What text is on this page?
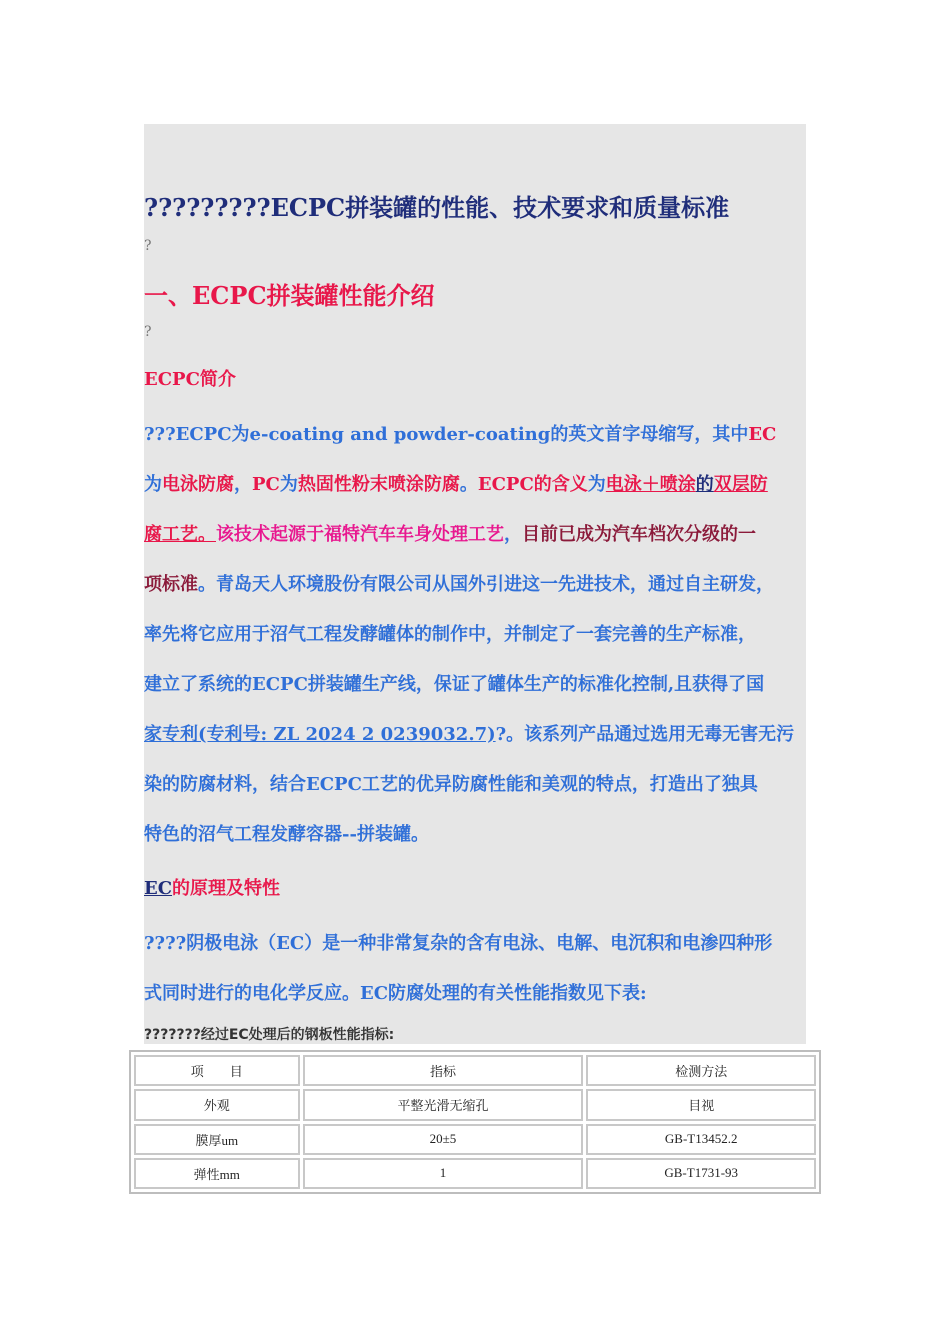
?????????ECPC拼装罐的性能、技术要求和质量标准
?
一、ECPC拼装罐性能介绍
?
ECPC简介
???ECPC为e-coating and powder-coating的英文首字母缩写，其中EC
为电泳防腐，PC为热固性粉末喷涂防腐。ECPC的含义为电泳＋喷涂的双层防
腐工艺。该技术起源于福特汽车车身处理工艺，目前已成为汽车档次分级的一
项标准。青岛天人环境股份有限公司从国外引进这一先进技术，通过自主研发，
率先将它应用于沼气工程发酵罐体的制作中，并制定了一套完善的生产标准，
建立了系统的ECPC拼装罐生产线，保证了罐体生产的标准化控制,且获得了国
家专利(专利号: ZL 2024 2 0239032.7)?。该系列产品通过选用无毒无害无污
染的防腐材料，结合ECPC工艺的优异防腐性能和美观的特点，打造出了独具
特色的沼气工程发酵容器--拼装罐。
EC的原理及特性
????阴极电泳（EC）是一种非常复杂的含有电泳、电解、电沉积和电渗四种形
式同时进行的电化学反应。EC防腐处理的有关性能指数见下表:
???????经过EC处理后的钢板性能指标:
项　　目	指标	检测方法
外观	平整光滑无缩孔	目视
膜厚um	20±5	GB-T13452.2
弹性mm	1	GB-T1731-93
